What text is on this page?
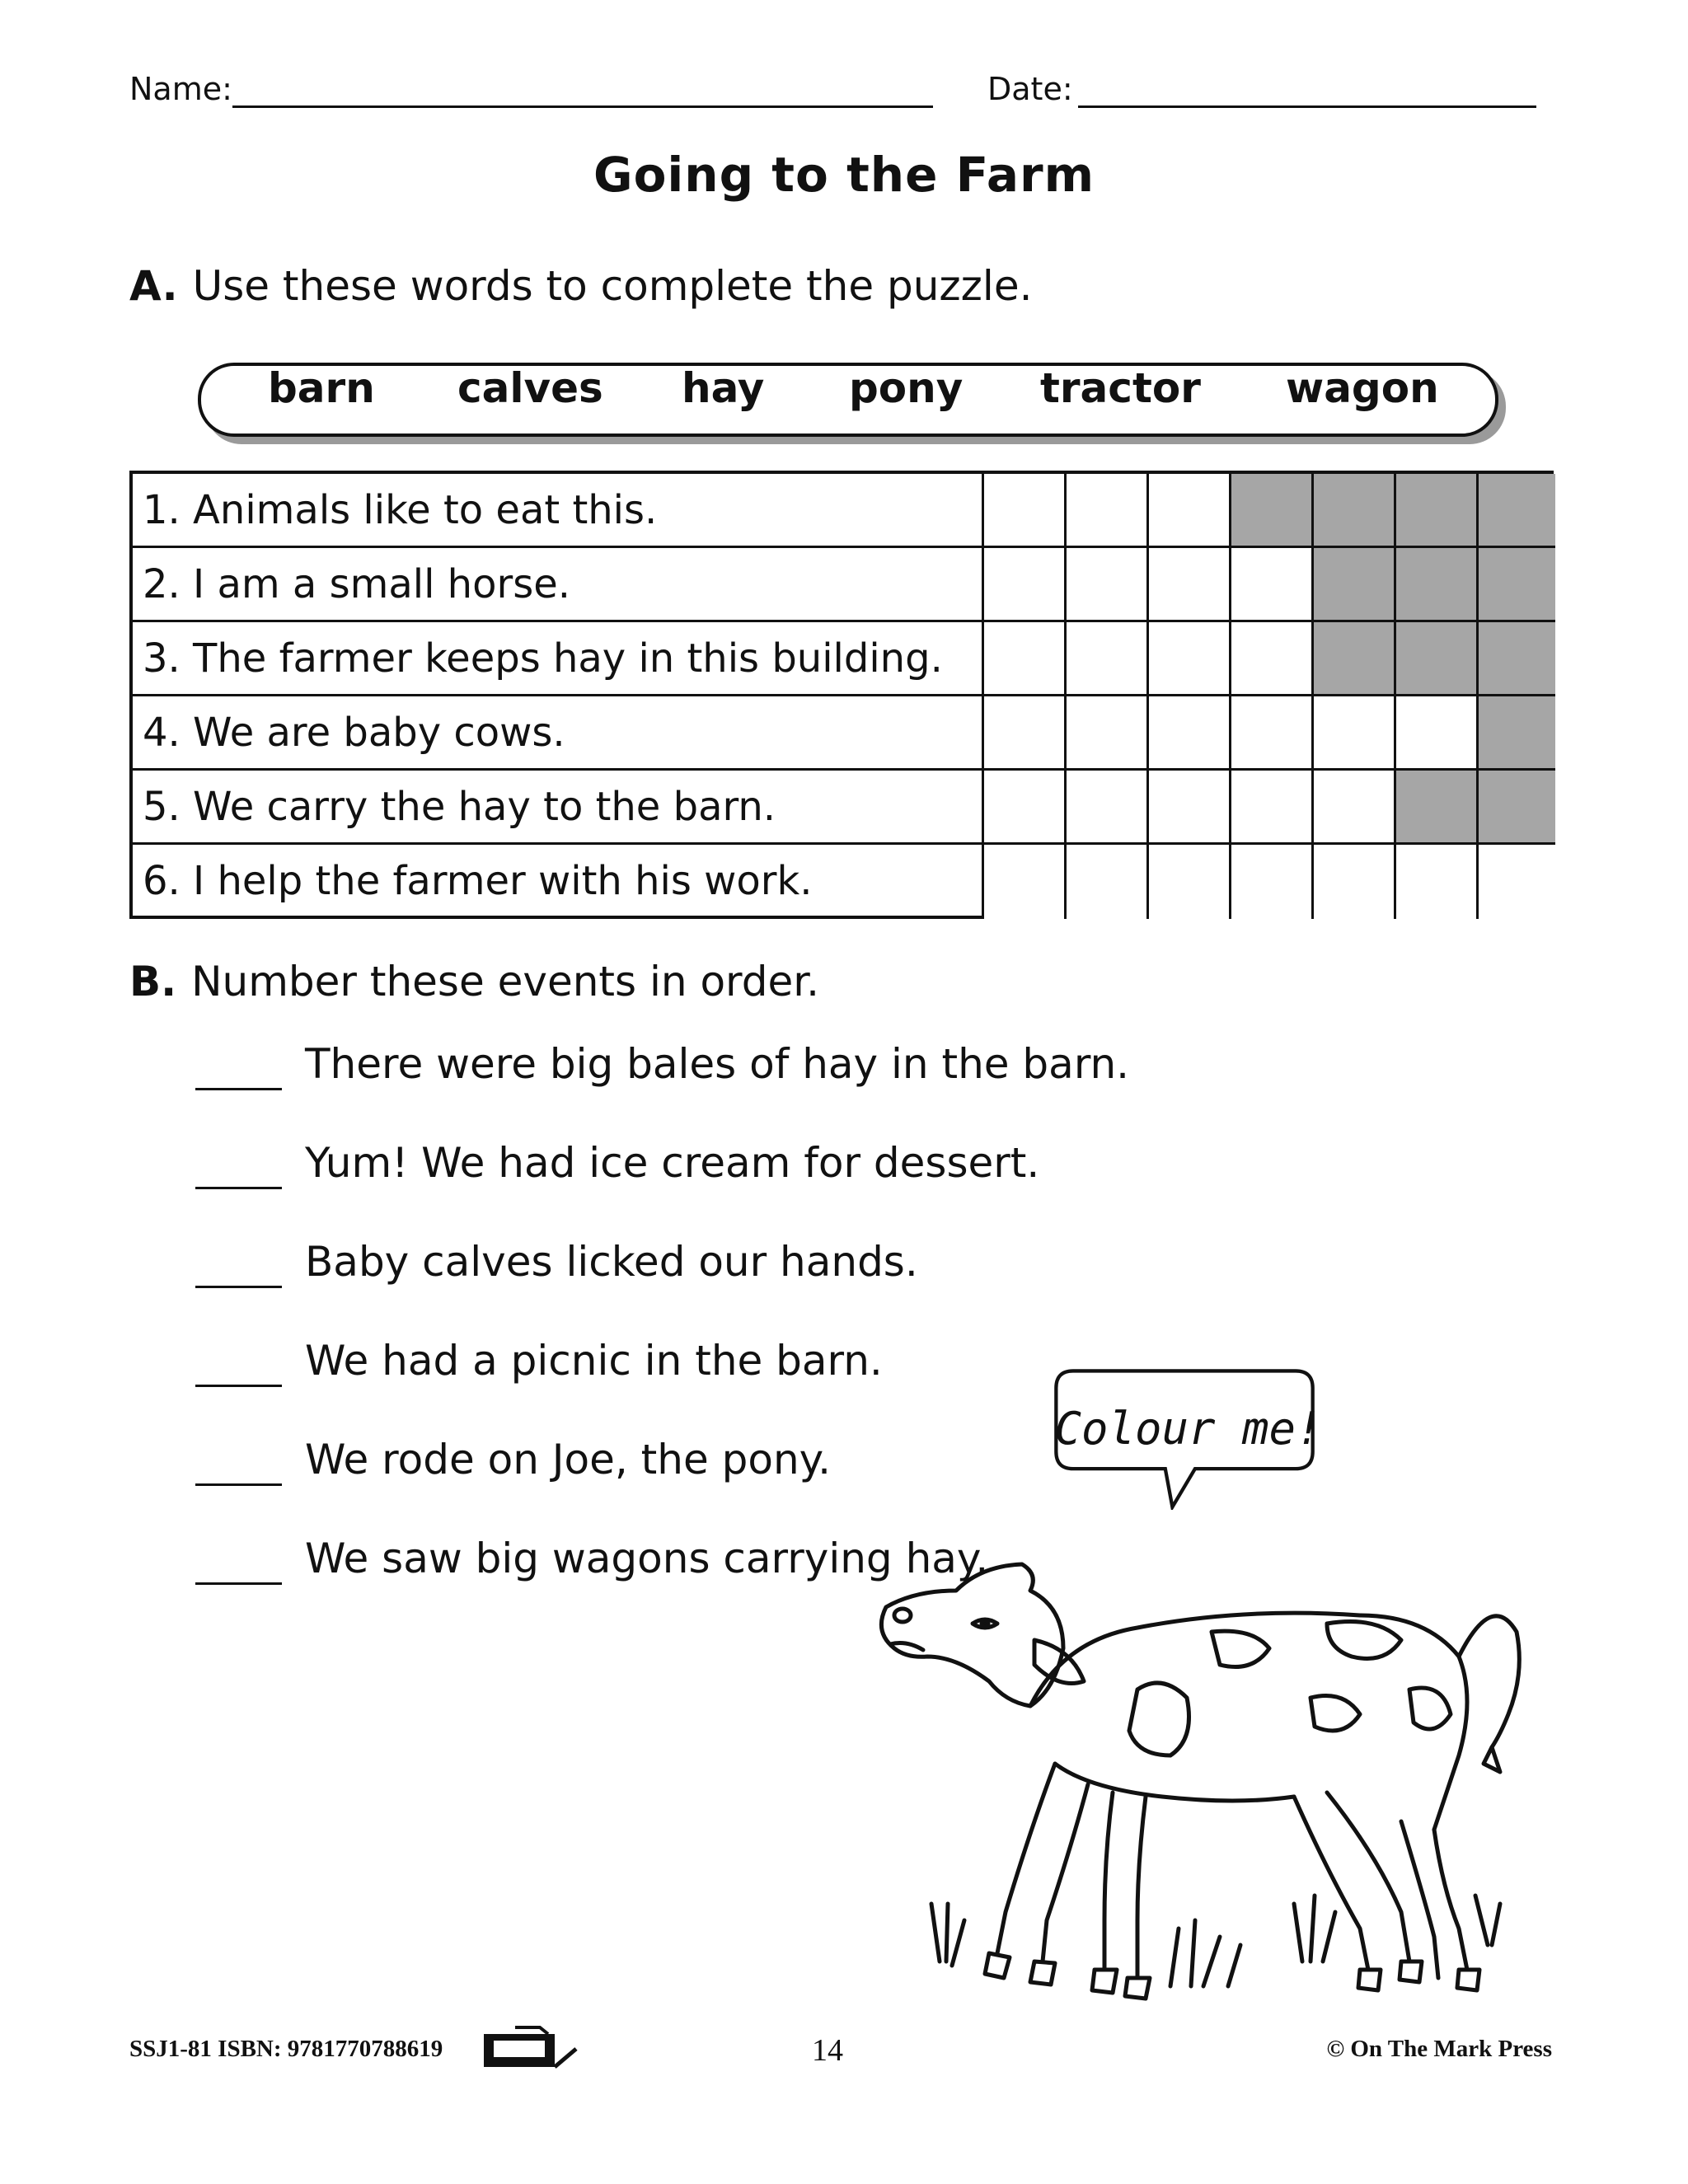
Name:	Date:
Going to the Farm
A. Use these words to complete the puzzle.
barn calves hay pony tractor wagon
1. Animals like to eat this.
2. I am a small horse.
3. The farmer keeps hay in this building.
4. We are baby cows.
5. We carry the hay to the barn.
6. I help the farmer with his work.
B. Number these events in order.
There were big bales of hay in the barn.
Yum! We had ice cream for dessert.
Baby calves licked our hands.
We had a picnic in the barn.
We rode on Joe, the pony.
We saw big wagons carrying hay.
Colour me!
SSJ1-81 ISBN: 9781770788619	14	© On The Mark Press
